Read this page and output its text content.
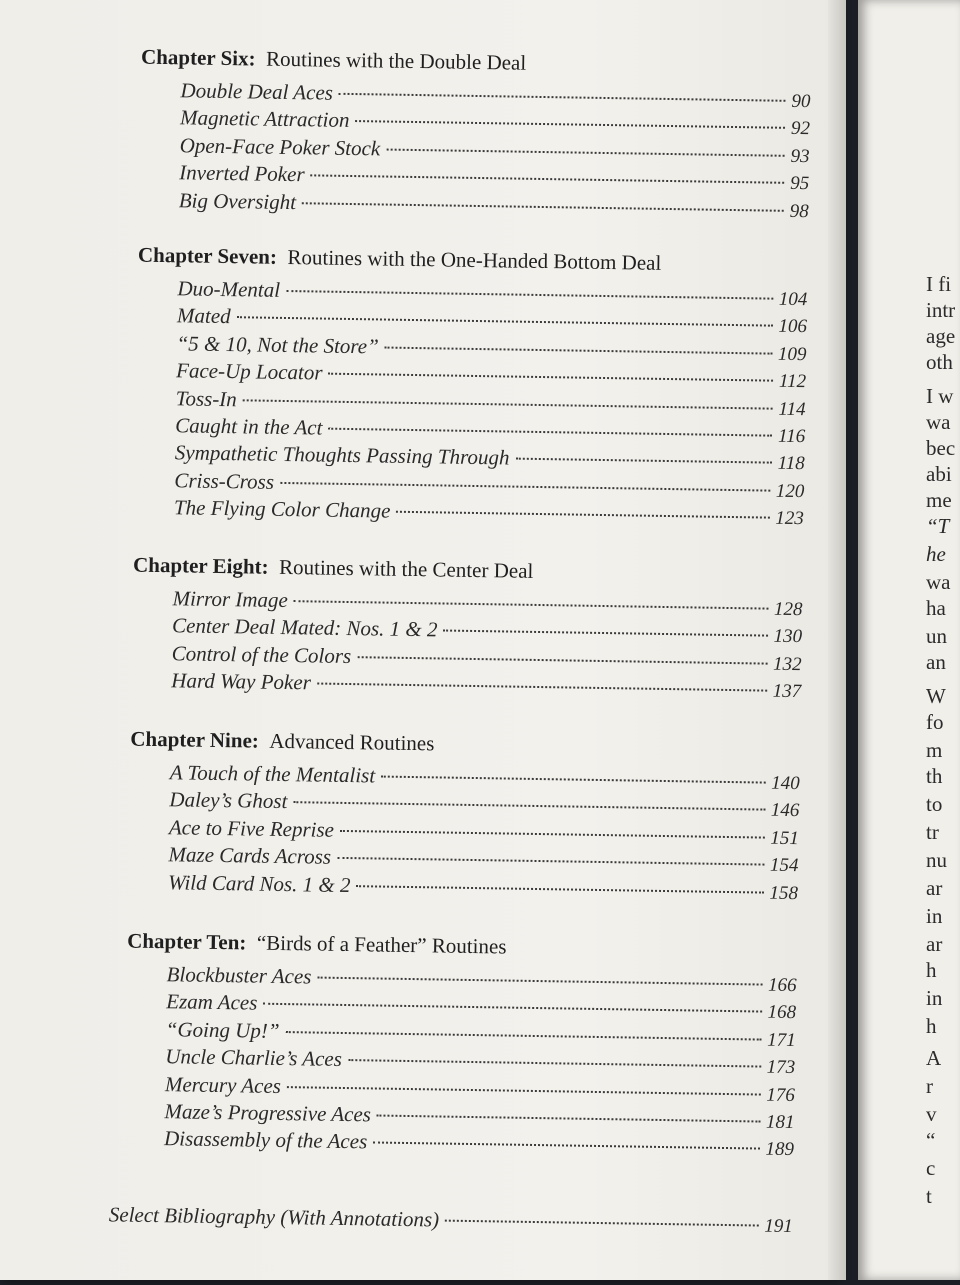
I fi
intr
age
oth
I w
wa
bec
abi
me
“T
he
wa
ha
un
an
W
fo
m
th
to
tr
nu
ar
in
ar
h
in
h
A
r
v
“
c
t
Chapter Six:  Routines with the Double Deal
Double Deal Aces	90
Magnetic Attraction	92
Open-Face Poker Stock	93
Inverted Poker	95
Big Oversight	98
Chapter Seven:  Routines with the One-Handed Bottom Deal
Duo-Mental	104
Mated	106
“5 & 10, Not the Store”	109
Face-Up Locator	112
Toss-In	114
Caught in the Act	116
Sympathetic Thoughts Passing Through	118
Criss-Cross	120
The Flying Color Change	123
Chapter Eight:  Routines with the Center Deal
Mirror Image	128
Center Deal Mated: Nos. 1 & 2	130
Control of the Colors	132
Hard Way Poker	137
Chapter Nine:  Advanced Routines
A Touch of the Mentalist	140
Daley’s Ghost	146
Ace to Five Reprise	151
Maze Cards Across	154
Wild Card Nos. 1 & 2	158
Chapter Ten:  “Birds of a Feather” Routines
Blockbuster Aces	166
Ezam Aces	168
“Going Up!”	171
Uncle Charlie’s Aces	173
Mercury Aces	176
Maze’s Progressive Aces	181
Disassembly of the Aces	189
Select Bibliography (With Annotations)	191
